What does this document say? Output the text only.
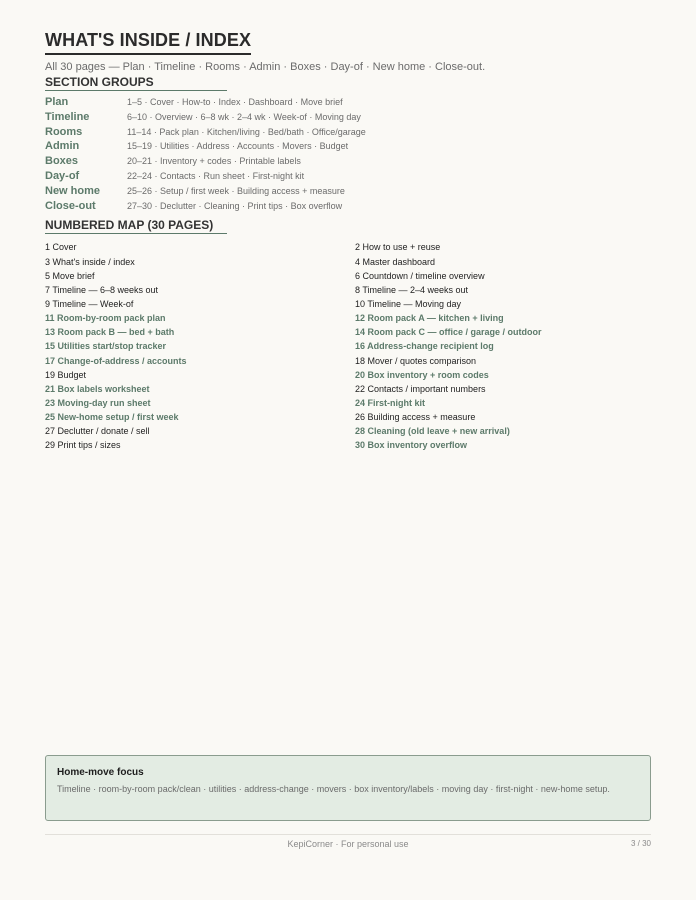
WHAT'S INSIDE / INDEX
All 30 pages — Plan · Timeline · Rooms · Admin · Boxes · Day-of · New home · Close-out.
SECTION GROUPS
Plan	1–5 · Cover · How-to · Index · Dashboard · Move brief
Timeline	6–10 · Overview · 6–8 wk · 2–4 wk · Week-of · Moving day
Rooms	11–14 · Pack plan · Kitchen/living · Bed/bath · Office/garage
Admin	15–19 · Utilities · Address · Accounts · Movers · Budget
Boxes	20–21 · Inventory + codes · Printable labels
Day-of	22–24 · Contacts · Run sheet · First-night kit
New home	25–26 · Setup / first week · Building access + measure
Close-out	27–30 · Declutter · Cleaning · Print tips · Box overflow
NUMBERED MAP (30 PAGES)
1 Cover	2 How to use + reuse
3 What's inside / index	4 Master dashboard
5 Move brief	6 Countdown / timeline overview
7 Timeline — 6–8 weeks out	8 Timeline — 2–4 weeks out
9 Timeline — Week-of	10 Timeline — Moving day
11 Room-by-room pack plan	12 Room pack A — kitchen + living
13 Room pack B — bed + bath	14 Room pack C — office / garage / outdoor
15 Utilities start/stop tracker	16 Address-change recipient log
17 Change-of-address / accounts	18 Mover / quotes comparison
19 Budget	20 Box inventory + room codes
21 Box labels worksheet	22 Contacts / important numbers
23 Moving-day run sheet	24 First-night kit
25 New-home setup / first week	26 Building access + measure
27 Declutter / donate / sell	28 Cleaning (old leave + new arrival)
29 Print tips / sizes	30 Box inventory overflow
Home-move focus
Timeline · room-by-room pack/clean · utilities · address-change · movers · box inventory/labels · moving day · first-night · new-home setup.
KepiCorner · For personal use	3 / 30
